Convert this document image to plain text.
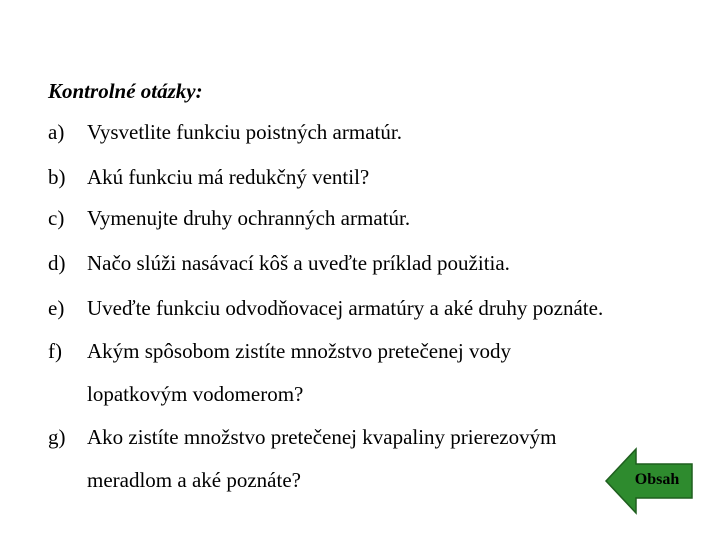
Kontrolné otázky:
a) Vysvetlite funkciu poistných armatúr.
b) Akú funkciu má redukčný ventil?
c) Vymenujte druhy ochranných armatúr.
d) Načo slúži nasávací kôš a uveďte príklad použitia.
e) Uveďte funkciu odvodňovacej armatúry a aké druhy poznáte.
f) Akým spôsobom zistíte množstvo pretečenej vody
lopatkovým vodomerom?
g) Ako zistíte množstvo pretečenej kvapaliny prierezovým
meradlom a aké poznáte?	Obsah
